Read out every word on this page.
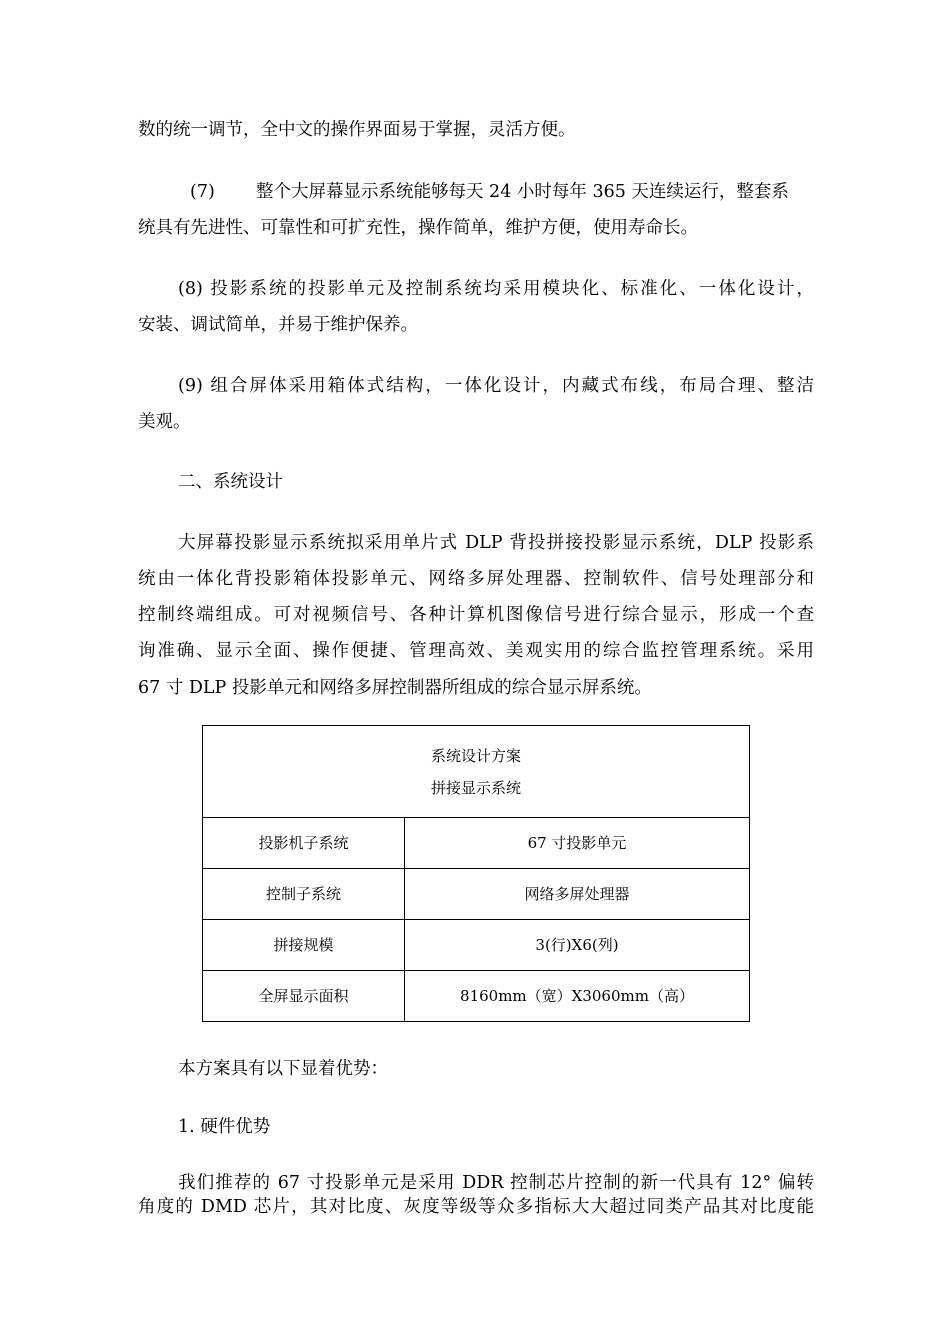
数的统一调节，全中文的操作界面易于掌握，灵活方便。
(7) 整个大屏幕显示系统能够每天 24 小时每年 365 天连续运行，整套系
统具有先进性、可靠性和可扩充性，操作简单，维护方便，使用寿命长。
(8) 投影系统的投影单元及控制系统均采用模块化、标准化、一体化设计，
安装、调试简单，并易于维护保养。
(9) 组合屏体采用箱体式结构，一体化设计，内藏式布线，布局合理、整洁
美观。
二、系统设计
大屏幕投影显示系统拟采用单片式 DLP 背投拼接投影显示系统，DLP 投影系
统由一体化背投影箱体投影单元、网络多屏处理器、控制软件、信号处理部分和
控制终端组成。可对视频信号、各种计算机图像信号进行综合显示，形成一个查
询准确、显示全面、操作便捷、管理高效、美观实用的综合监控管理系统。采用
67 寸 DLP 投影单元和网络多屏控制器所组成的综合显示屏系统。
系统设计方案
拼接显示系统	

投影机子系统	67 寸投影单元
控制子系统	网络多屏处理器
拼接规模	3(行)X6(列)
全屏显示面积	8160mm（宽）X3060mm（高）
本方案具有以下显着优势：
1. 硬件优势
我们推荐的 67 寸投影单元是采用 DDR 控制芯片控制的新一代具有 12° 偏转
角度的 DMD 芯片，其对比度、灰度等级等众多指标大大超过同类产品其对比度能
